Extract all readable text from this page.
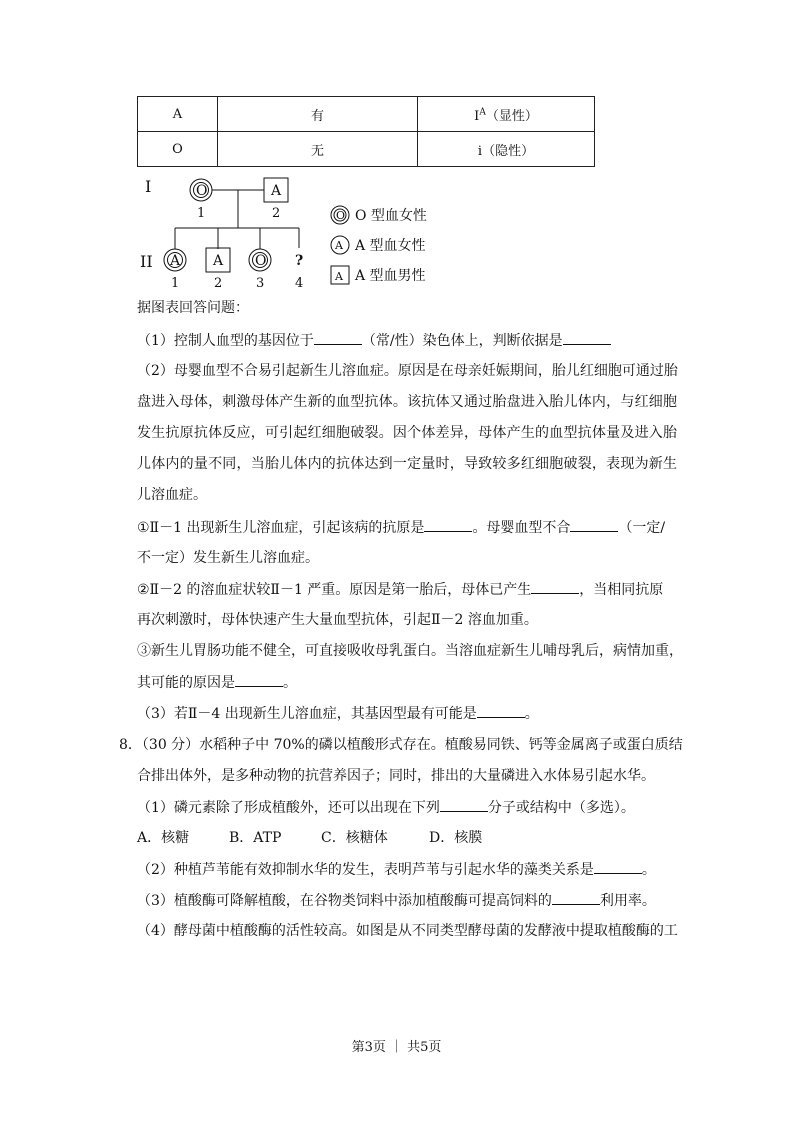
A	有	$I^A$（显性）
O	无	i（隐性）
I
II
O	A
1	2
A A O ?
1	2	3 4
O O 型血女性
A A 型血女性
A A 型血男性
据图表回答问题：
（1）控制人血型的基因位于	（常/性）染色体上，判断依据是
（2）母婴血型不合易引起新生儿溶血症。原因是在母亲妊娠期间，胎儿红细胞可通过胎
盘进入母体，刺激母体产生新的血型抗体。该抗体又通过胎盘进入胎儿体内，与红细胞
发生抗原抗体反应，可引起红细胞破裂。因个体差异，母体产生的血型抗体量及进入胎
儿体内的量不同，当胎儿体内的抗体达到一定量时，导致较多红细胞破裂，表现为新生
儿溶血症。
①Ⅱ－1 出现新生儿溶血症，引起该病的抗原是	。母婴血型不合	（一定/
不一定）发生新生儿溶血症。
②Ⅱ－2 的溶血症状较Ⅱ－1 严重。原因是第一胎后，母体已产生	，当相同抗原
再次刺激时，母体快速产生大量血型抗体，引起Ⅱ－2 溶血加重。
③新生儿胃肠功能不健全，可直接吸收母乳蛋白。当溶血症新生儿哺母乳后，病情加重，
其可能的原因是	。
（3）若Ⅱ－4 出现新生儿溶血症，其基因型最有可能是	。
8．（30 分）水稻种子中 70%的磷以植酸形式存在。植酸易同铁、钙等金属离子或蛋白质结
合排出体外，是多种动物的抗营养因子；同时，排出的大量磷进入水体易引起水华。
（1）磷元素除了形成植酸外，还可以出现在下列	分子或结构中（多选）。
A．核糖	B．ATP	C．核糖体	D．核膜
（2）种植芦苇能有效抑制水华的发生，表明芦苇与引起水华的藻类关系是	。
（3）植酸酶可降解植酸，在谷物类饲料中添加植酸酶可提高饲料的	利用率。
（4）酵母菌中植酸酶的活性较高。如图是从不同类型酵母菌的发酵液中提取植酸酶的工
第3页 ｜ 共5页
